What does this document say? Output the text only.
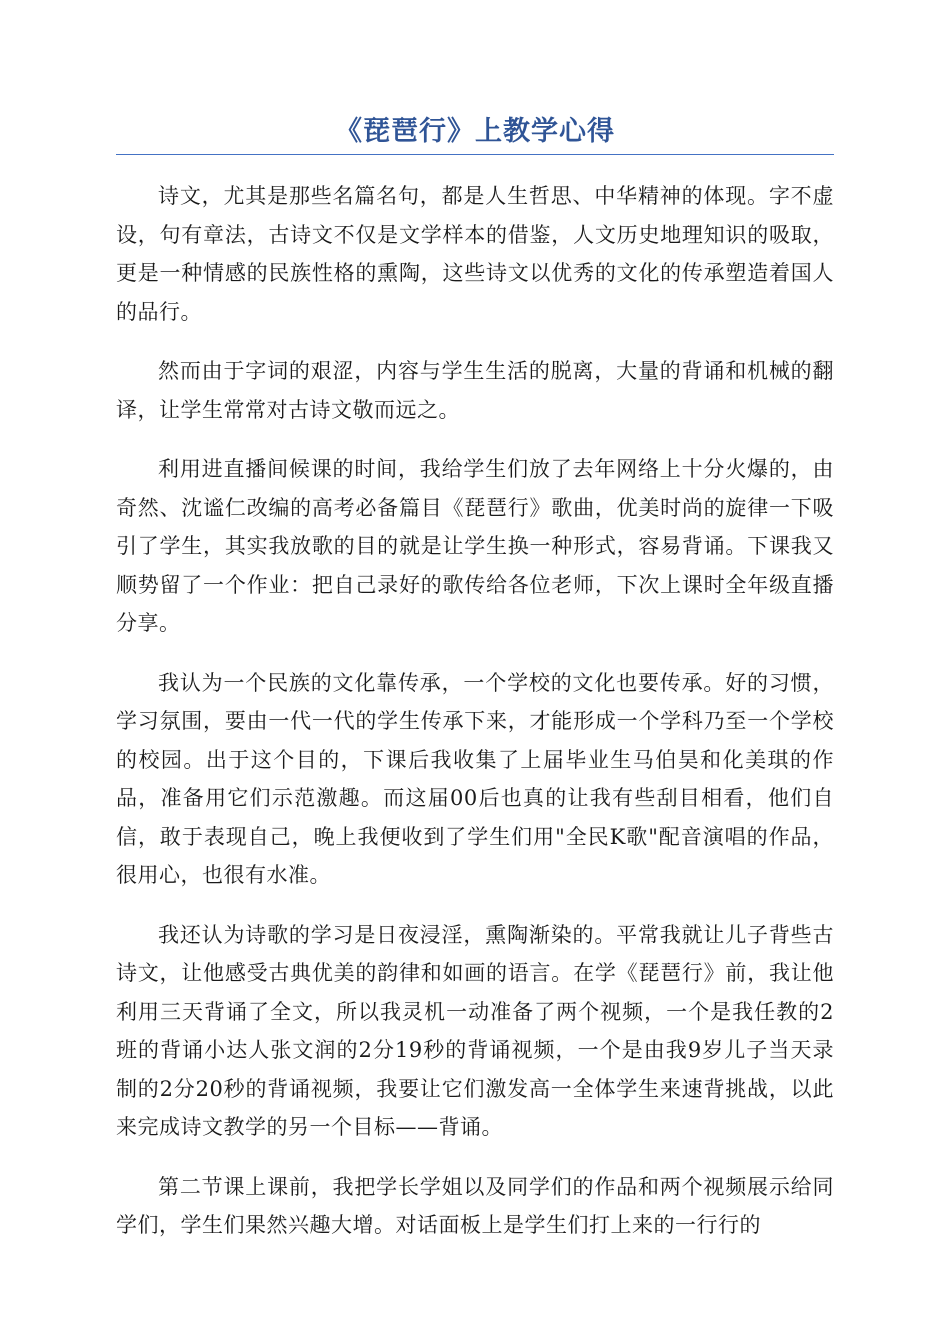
《琵琶行》上教学心得

诗文，尤其是那些名篇名句，都是人生哲思、中华精神的体现。字不虚设，句有章法，古诗文不仅是文学样本的借鉴，人文历史地理知识的吸取，更是一种情感的民族性格的熏陶，这些诗文以优秀的文化的传承塑造着国人的品行。

然而由于字词的艰涩，内容与学生生活的脱离，大量的背诵和机械的翻译，让学生常常对古诗文敬而远之。

利用进直播间候课的时间，我给学生们放了去年网络上十分火爆的，由奇然、沈谧仁改编的高考必备篇目《琵琶行》歌曲，优美时尚的旋律一下吸引了学生，其实我放歌的目的就是让学生换一种形式，容易背诵。下课我又顺势留了一个作业：把自己录好的歌传给各位老师，下次上课时全年级直播分享。

我认为一个民族的文化靠传承，一个学校的文化也要传承。好的习惯，学习氛围，要由一代一代的学生传承下来，才能形成一个学科乃至一个学校的校园。出于这个目的，下课后我收集了上届毕业生马伯昊和化美琪的作品，准备用它们示范激趣。而这届00后也真的让我有些刮目相看，他们自信，敢于表现自己，晚上我便收到了学生们用"全民K歌"配音演唱的作品，很用心，也很有水准。

我还认为诗歌的学习是日夜浸淫，熏陶渐染的。平常我就让儿子背些古诗文，让他感受古典优美的韵律和如画的语言。在学《琵琶行》前，我让他利用三天背诵了全文，所以我灵机一动准备了两个视频，一个是我任教的2班的背诵小达人张文润的2分19秒的背诵视频，一个是由我9岁儿子当天录制的2分20秒的背诵视频，我要让它们激发高一全体学生来速背挑战，以此来完成诗文教学的另一个目标——背诵。

第二节课上课前，我把学长学姐以及同学们的作品和两个视频展示给同学们，学生们果然兴趣大增。对话面板上是学生们打上来的一行行的
